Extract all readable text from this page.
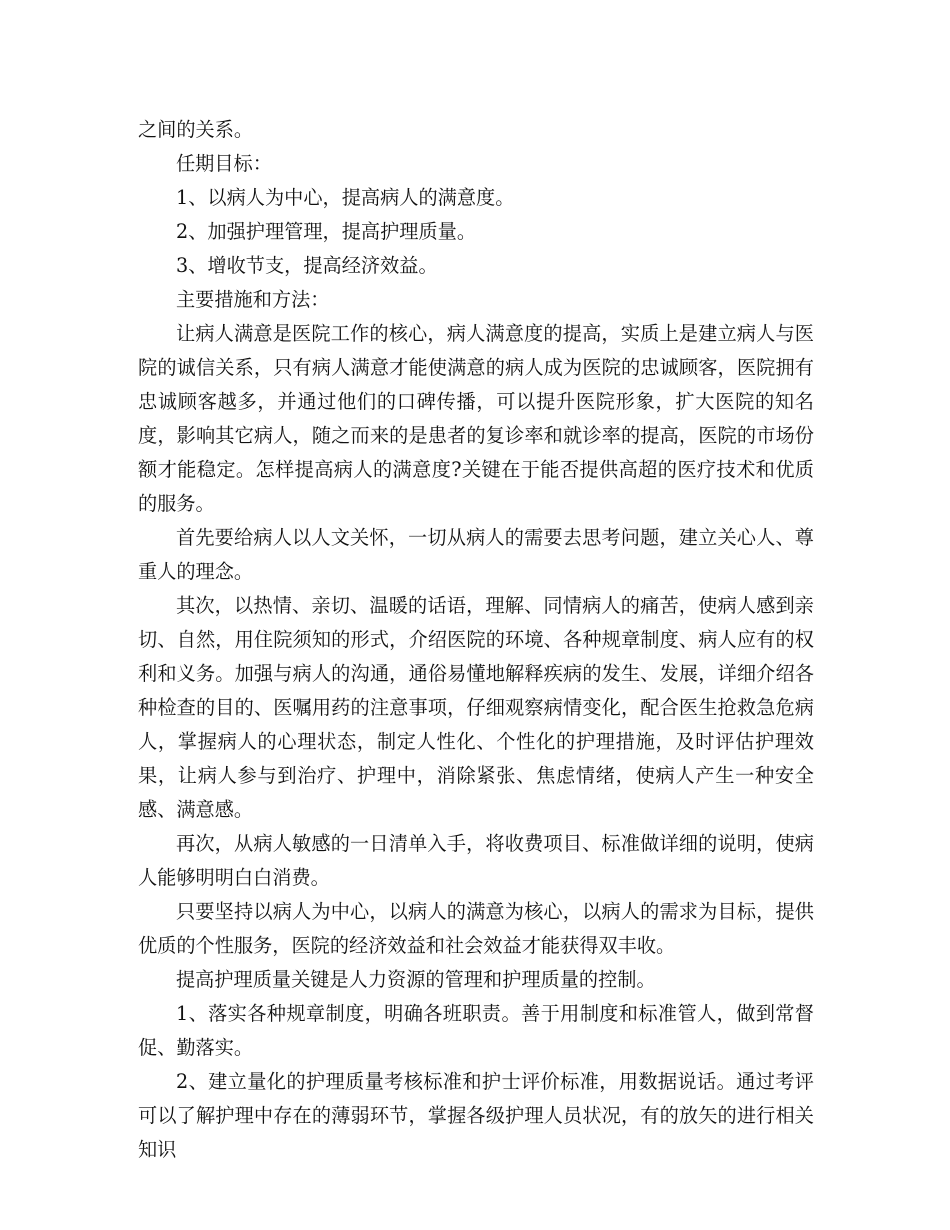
之间的关系。

任期目标：

1、以病人为中心，提高病人的满意度。

2、加强护理管理，提高护理质量。

3、增收节支，提高经济效益。

主要措施和方法：

让病人满意是医院工作的核心，病人满意度的提高，实质上是建立病人与医院的诚信关系，只有病人满意才能使满意的病人成为医院的忠诚顾客，医院拥有忠诚顾客越多，并通过他们的口碑传播，可以提升医院形象，扩大医院的知名度，影响其它病人，随之而来的是患者的复诊率和就诊率的提高，医院的市场份额才能稳定。怎样提高病人的满意度?关键在于能否提供高超的医疗技术和优质的服务。

首先要给病人以人文关怀，一切从病人的需要去思考问题，建立关心人、尊重人的理念。

其次，以热情、亲切、温暖的话语，理解、同情病人的痛苦，使病人感到亲切、自然，用住院须知的形式，介绍医院的环境、各种规章制度、病人应有的权利和义务。加强与病人的沟通，通俗易懂地解释疾病的发生、发展，详细介绍各种检查的目的、医嘱用药的注意事项，仔细观察病情变化，配合医生抢救急危病人，掌握病人的心理状态，制定人性化、个性化的护理措施，及时评估护理效果，让病人参与到治疗、护理中，消除紧张、焦虑情绪，使病人产生一种安全感、满意感。

再次，从病人敏感的一日清单入手，将收费项目、标准做详细的说明，使病人能够明明白白消费。

只要坚持以病人为中心，以病人的满意为核心，以病人的需求为目标，提供优质的个性服务，医院的经济效益和社会效益才能获得双丰收。

提高护理质量关键是人力资源的管理和护理质量的控制。

1、落实各种规章制度，明确各班职责。善于用制度和标准管人，做到常督促、勤落实。

2、建立量化的护理质量考核标准和护士评价标准，用数据说话。通过考评可以了解护理中存在的薄弱环节，掌握各级护理人员状况，有的放矢的进行相关知识
